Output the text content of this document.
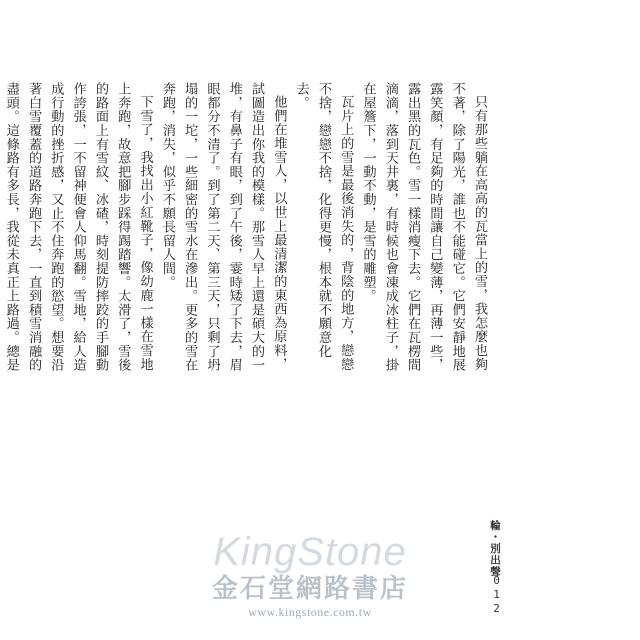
只有那些躺在高高的瓦當上的雪，我怎麼也夠不著，除了陽光，誰也不能碰它。它們安靜地展露笑顏，有足夠的時間讓自己變薄，再薄一些，露出黑的瓦色。雪一樣消瘦下去。它們在瓦楞間滴滴，落到天井裏，有時候也會凍成冰柱子，掛在屋簷下，一動不動，是雪的雕塑。

瓦片上的雪是最後消失的，背陰的地方，戀戀不捨，戀戀不捨，化得更慢，根本就不願意化去。

他們在堆雪人，以世上最清潔的東西為原料，試圖造出你我的模樣。那雪人早上還是碩大的一堆，有鼻子有眼，到了午後，霎時矮了下去，眉眼都分不清了。到了第二天、第三天，只剩了坍塌的一坨，一些細密的雪水在滲出。更多的雪在奔跑，消失，似乎不願長留人間。

下雪了，我找出小紅靴子，像幼鹿一樣在雪地上奔跑，故意把腳步踩得踢踏響。太滑了，雪後的路面上有雪紋、冰碴，時刻提防摔跤的手腳動作誇張，一不留神便會人仰馬翻。雪地，給人造成行動的挫折感，又止不住奔跑的慾望。想要沿著白雪覆蓋的道路奔跑下去，一直到積雪消融的盡頭。這條路有多長，我從未真正上路過。總是

輪・別出聲
012
KingStone
金石堂網路書店
www.kingstone.com.tw
